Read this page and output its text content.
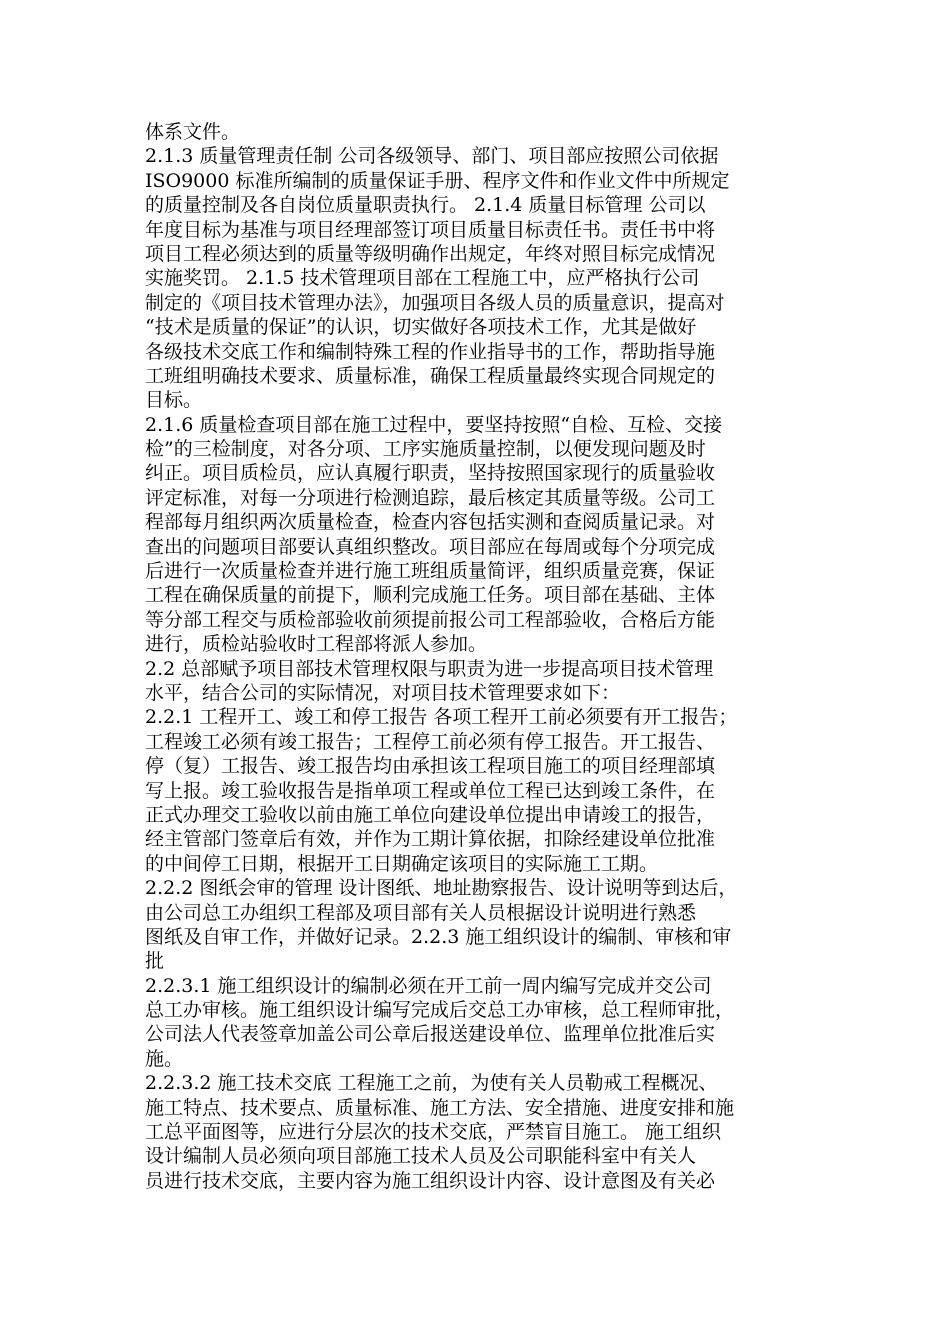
体系文件。
2.1.3 质量管理责任制 公司各级领导、部门、项目部应按照公司依据
ISO9000 标准所编制的质量保证手册、程序文件和作业文件中所规定
的质量控制及各自岗位质量职责执行。 2.1.4 质量目标管理 公司以
年度目标为基准与项目经理部签订项目质量目标责任书。责任书中将
项目工程必须达到的质量等级明确作出规定，年终对照目标完成情况
实施奖罚。 2.1.5 技术管理项目部在工程施工中，应严格执行公司
制定的《项目技术管理办法》，加强项目各级人员的质量意识，提高对
“技术是质量的保证”的认识，切实做好各项技术工作，尤其是做好
各级技术交底工作和编制特殊工程的作业指导书的工作，帮助指导施
工班组明确技术要求、质量标准，确保工程质量最终实现合同规定的
目标。
2.1.6 质量检查项目部在施工过程中，要坚持按照“自检、互检、交接
检”的三检制度，对各分项、工序实施质量控制，以便发现问题及时
纠正。项目质检员，应认真履行职责，坚持按照国家现行的质量验收
评定标准，对每一分项进行检测追踪，最后核定其质量等级。公司工
程部每月组织两次质量检查，检查内容包括实测和查阅质量记录。对
查出的问题项目部要认真组织整改。项目部应在每周或每个分项完成
后进行一次质量检查并进行施工班组质量简评，组织质量竞赛，保证
工程在确保质量的前提下，顺利完成施工任务。项目部在基础、主体
等分部工程交与质检部验收前须提前报公司工程部验收，合格后方能
进行，质检站验收时工程部将派人参加。
2.2 总部赋予项目部技术管理权限与职责为进一步提高项目技术管理
水平，结合公司的实际情况，对项目技术管理要求如下：
2.2.1 工程开工、竣工和停工报告 各项工程开工前必须要有开工报告；
工程竣工必须有竣工报告；工程停工前必须有停工报告。开工报告、
停（复）工报告、竣工报告均由承担该工程项目施工的项目经理部填
写上报。竣工验收报告是指单项工程或单位工程已达到竣工条件，在
正式办理交工验收以前由施工单位向建设单位提出申请竣工的报告，
经主管部门签章后有效，并作为工期计算依据，扣除经建设单位批准
的中间停工日期，根据开工日期确定该项目的实际施工工期。
2.2.2 图纸会审的管理 设计图纸、地址勘察报告、设计说明等到达后，
由公司总工办组织工程部及项目部有关人员根据设计说明进行熟悉
图纸及自审工作，并做好记录。2.2.3 施工组织设计的编制、审核和审
批
2.2.3.1 施工组织设计的编制必须在开工前一周内编写完成并交公司
总工办审核。施工组织设计编写完成后交总工办审核，总工程师审批，
公司法人代表签章加盖公司公章后报送建设单位、监理单位批准后实
施。
2.2.3.2 施工技术交底 工程施工之前，为使有关人员勒戒工程概况、
施工特点、技术要点、质量标准、施工方法、安全措施、进度安排和施
工总平面图等，应进行分层次的技术交底，严禁盲目施工。 施工组织
设计编制人员必须向项目部施工技术人员及公司职能科室中有关人
员进行技术交底，主要内容为施工组织设计内容、设计意图及有关必
